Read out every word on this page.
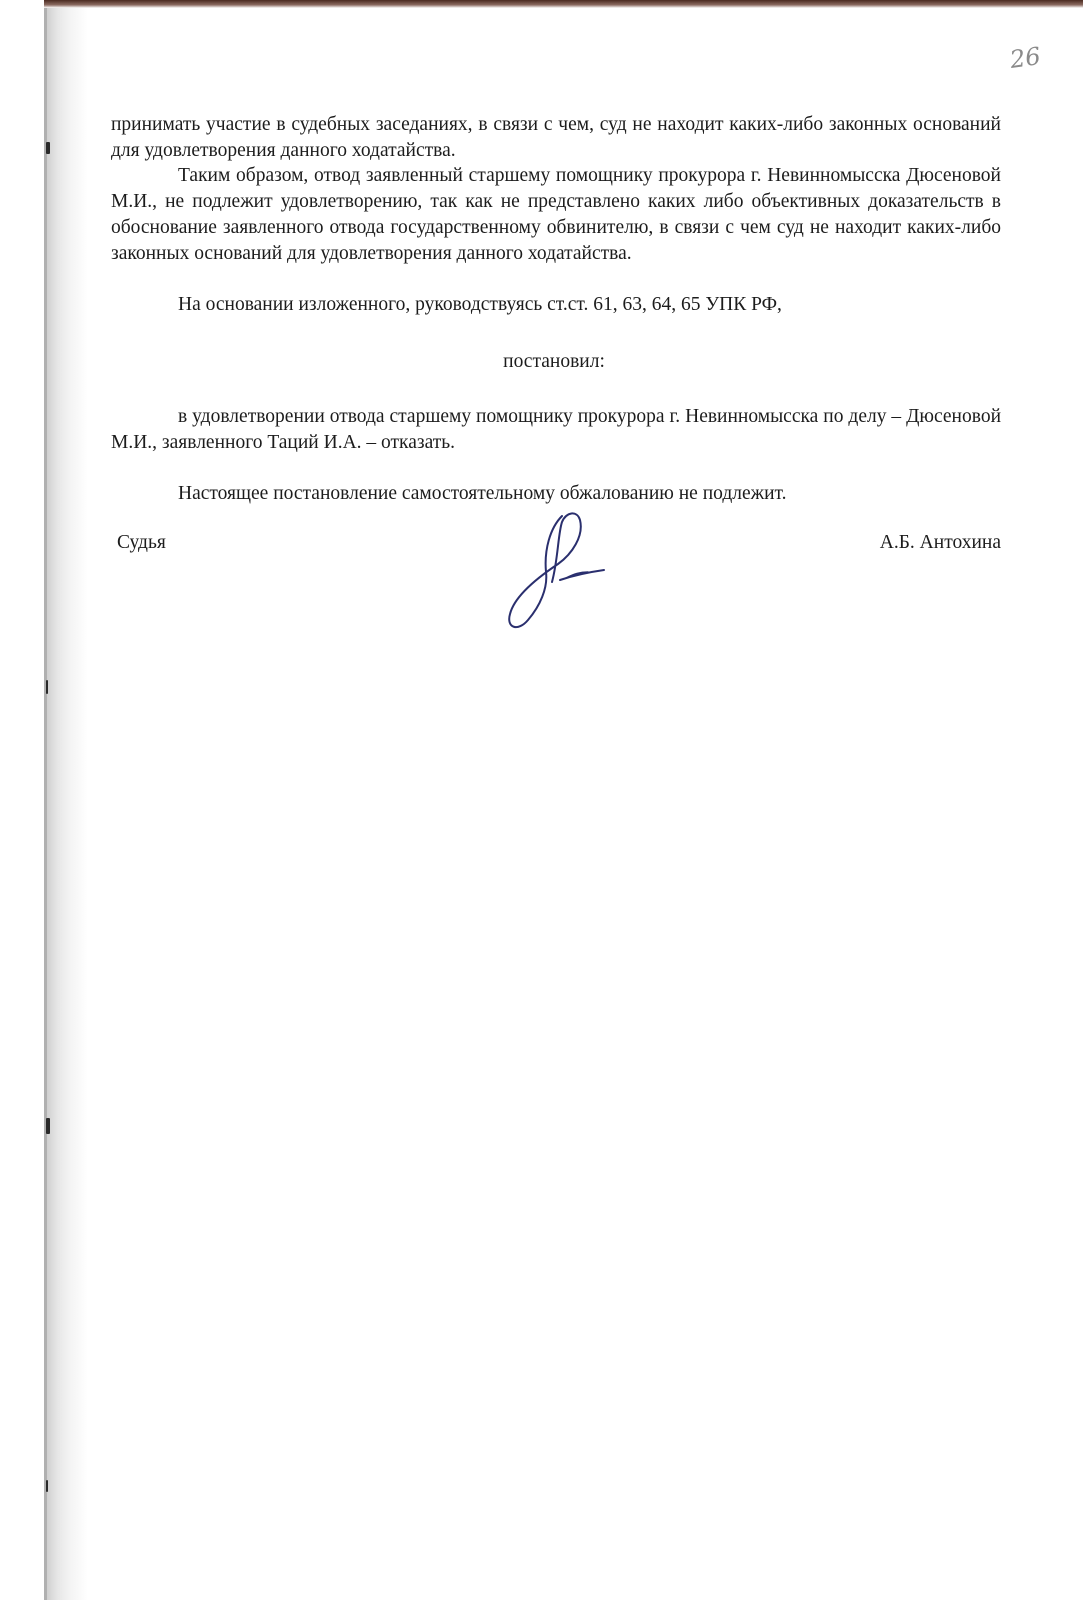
26

принимать участие в судебных заседаниях, в связи с чем, суд не находит каких-либо законных оснований для удовлетворения данного ходатайства.

Таким образом, отвод заявленный старшему помощнику прокурора г. Невинномысска Дюсеновой М.И., не подлежит удовлетворению, так как не представлено каких либо объективных доказательств в обоснование заявленного отвода государственному обвинителю, в связи с чем суд не находит каких-либо законных оснований для удовлетворения данного ходатайства.

На основании изложенного, руководствуясь ст.ст. 61, 63, 64, 65 УПК РФ,

постановил:

в удовлетворении отвода старшему помощнику прокурора г. Невинномысска по делу – Дюсеновой М.И., заявленного Таций И.А. – отказать.

Настоящее постановление самостоятельному обжалованию не подлежит.

Судья	А.Б. Антохина
